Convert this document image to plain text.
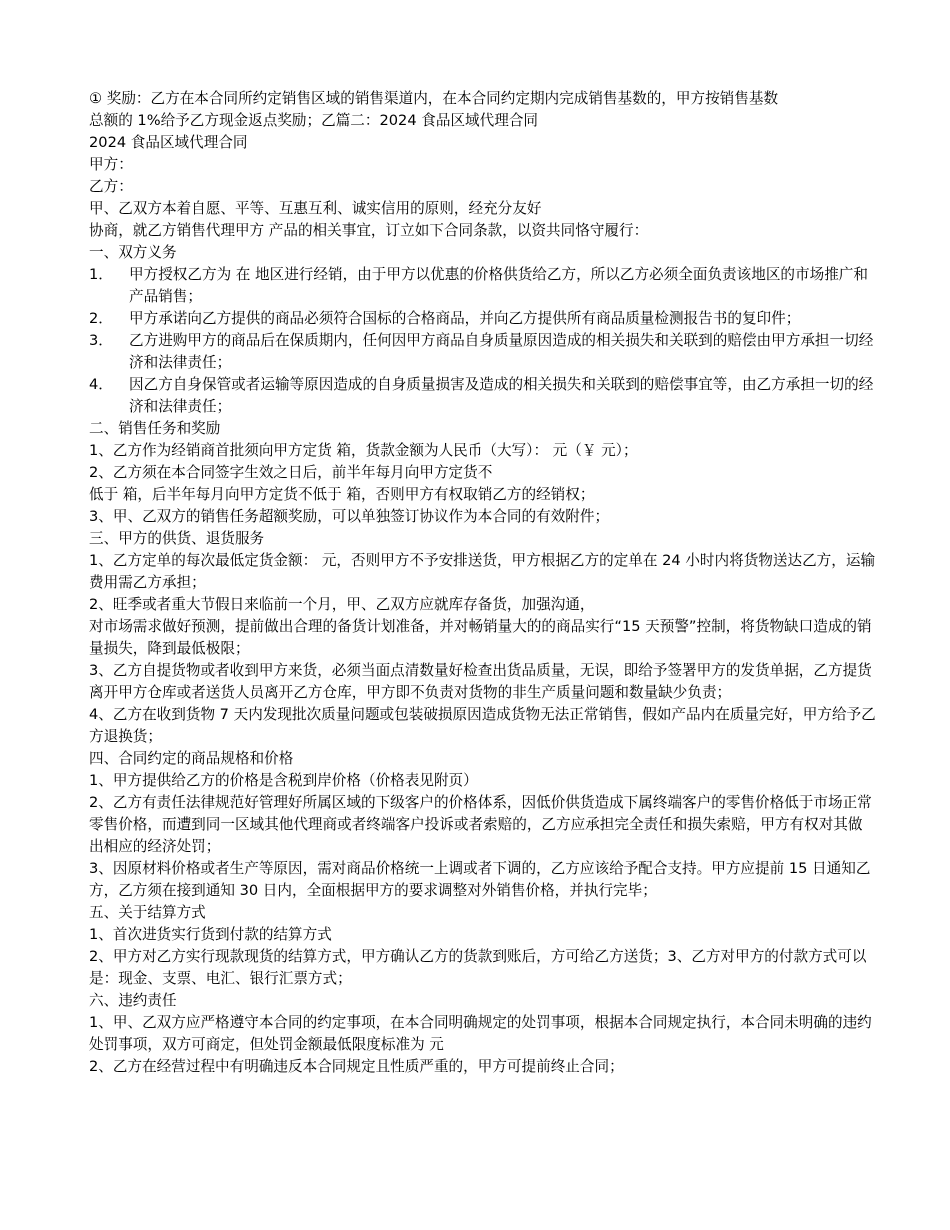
① 奖励：乙方在本合同所约定销售区域的销售渠道内，在本合同约定期内完成销售基数的，甲方按销售基数
总额的 1%给予乙方现金返点奖励；乙篇二：2024 食品区域代理合同
2024 食品区域代理合同
甲方：
乙方：
甲、乙双方本着自愿、平等、互惠互利、诚实信用的原则，经充分友好
协商，就乙方销售代理甲方 产品的相关事宜，订立如下合同条款，以资共同恪守履行：
一、双方义务
1．	甲方授权乙方为 在 地区进行经销，由于甲方以优惠的价格供货给乙方，所以乙方必须全面负责该地区的市场推广和产品销售；
2．	甲方承诺向乙方提供的商品必须符合国标的合格商品，并向乙方提供所有商品质量检测报告书的复印件；
3．	乙方进购甲方的商品后在保质期内，任何因甲方商品自身质量原因造成的相关损失和关联到的赔偿由甲方承担一切经济和法律责任；
4．	因乙方自身保管或者运输等原因造成的自身质量损害及造成的相关损失和关联到的赔偿事宜等，由乙方承担一切的经济和法律责任；
二、销售任务和奖励
1、乙方作为经销商首批须向甲方定货 箱，货款金额为人民币（大写）： 元（￥ 元）；
2、乙方须在本合同签字生效之日后，前半年每月向甲方定货不
低于 箱，后半年每月向甲方定货不低于 箱，否则甲方有权取销乙方的经销权；
3、甲、乙双方的销售任务超额奖励，可以单独签订协议作为本合同的有效附件；
三、甲方的供货、退货服务
1、乙方定单的每次最低定货金额： 元，否则甲方不予安排送货，甲方根据乙方的定单在 24 小时内将货物送达乙方，运输费用需乙方承担；
2、旺季或者重大节假日来临前一个月，甲、乙双方应就库存备货，加强沟通，
对市场需求做好预测，提前做出合理的备货计划准备，并对畅销量大的的商品实行“15 天预警”控制，将货物缺口造成的销量损失，降到最低极限；
3、乙方自提货物或者收到甲方来货，必须当面点清数量好检查出货品质量，无误，即给予签署甲方的发货单据，乙方提货离开甲方仓库或者送货人员离开乙方仓库，甲方即不负责对货物的非生产质量问题和数量缺少负责；
4、乙方在收到货物 7 天内发现批次质量问题或包装破损原因造成货物无法正常销售，假如产品内在质量完好，甲方给予乙方退换货；
四、合同约定的商品规格和价格
1、甲方提供给乙方的价格是含税到岸价格（价格表见附页）
2、乙方有责任法律规范好管理好所属区域的下级客户的价格体系，因低价供货造成下属终端客户的零售价格低于市场正常零售价格，而遭到同一区域其他代理商或者终端客户投诉或者索赔的，乙方应承担完全责任和损失索赔，甲方有权对其做出相应的经济处罚；
3、因原材料价格或者生产等原因，需对商品价格统一上调或者下调的，乙方应该给予配合支持。甲方应提前 15 日通知乙方，乙方须在接到通知 30 日内，全面根据甲方的要求调整对外销售价格，并执行完毕；
五、关于结算方式
1、首次进货实行货到付款的结算方式
2、甲方对乙方实行现款现货的结算方式，甲方确认乙方的货款到账后，方可给乙方送货；3、乙方对甲方的付款方式可以是：现金、支票、电汇、银行汇票方式；
六、违约责任
1、甲、乙双方应严格遵守本合同的约定事项，在本合同明确规定的处罚事项，根据本合同规定执行，本合同未明确的违约处罚事项，双方可商定，但处罚金额最低限度标准为 元
2、乙方在经营过程中有明确违反本合同规定且性质严重的，甲方可提前终止合同；
